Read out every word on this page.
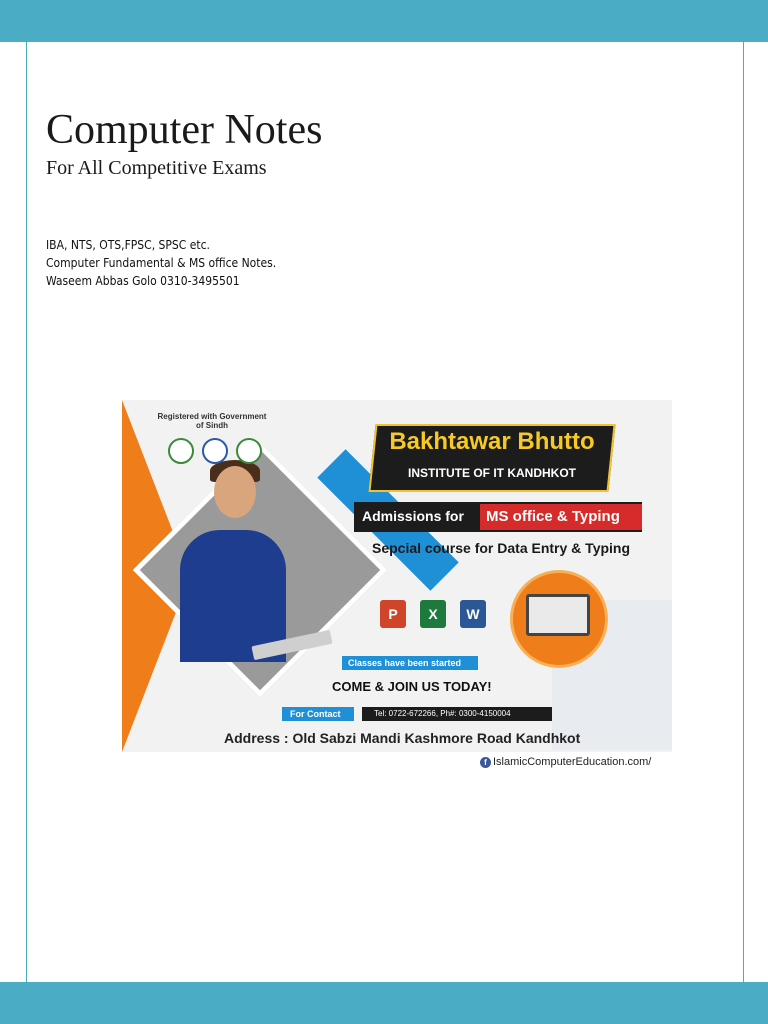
Computer Notes
For All Competitive Exams
IBA, NTS, OTS,FPSC, SPSC etc.
Computer Fundamental & MS office Notes.
Waseem Abbas Golo 0310-3495501
Registered with Government of Sindh
Bakhtawar Bhutto
INSTITUTE OF IT KANDHKOT
Admissions for MS office & Typing
Sepcial course for Data Entry & Typing
P	X	W
Classes have been started
COME & JOIN US TODAY!
For Contact	Tel: 0722-672266, Ph#: 0300-4150004
Address : Old Sabzi Mandi Kashmore Road Kandhkot
f IslamicComputerEducation.com/
